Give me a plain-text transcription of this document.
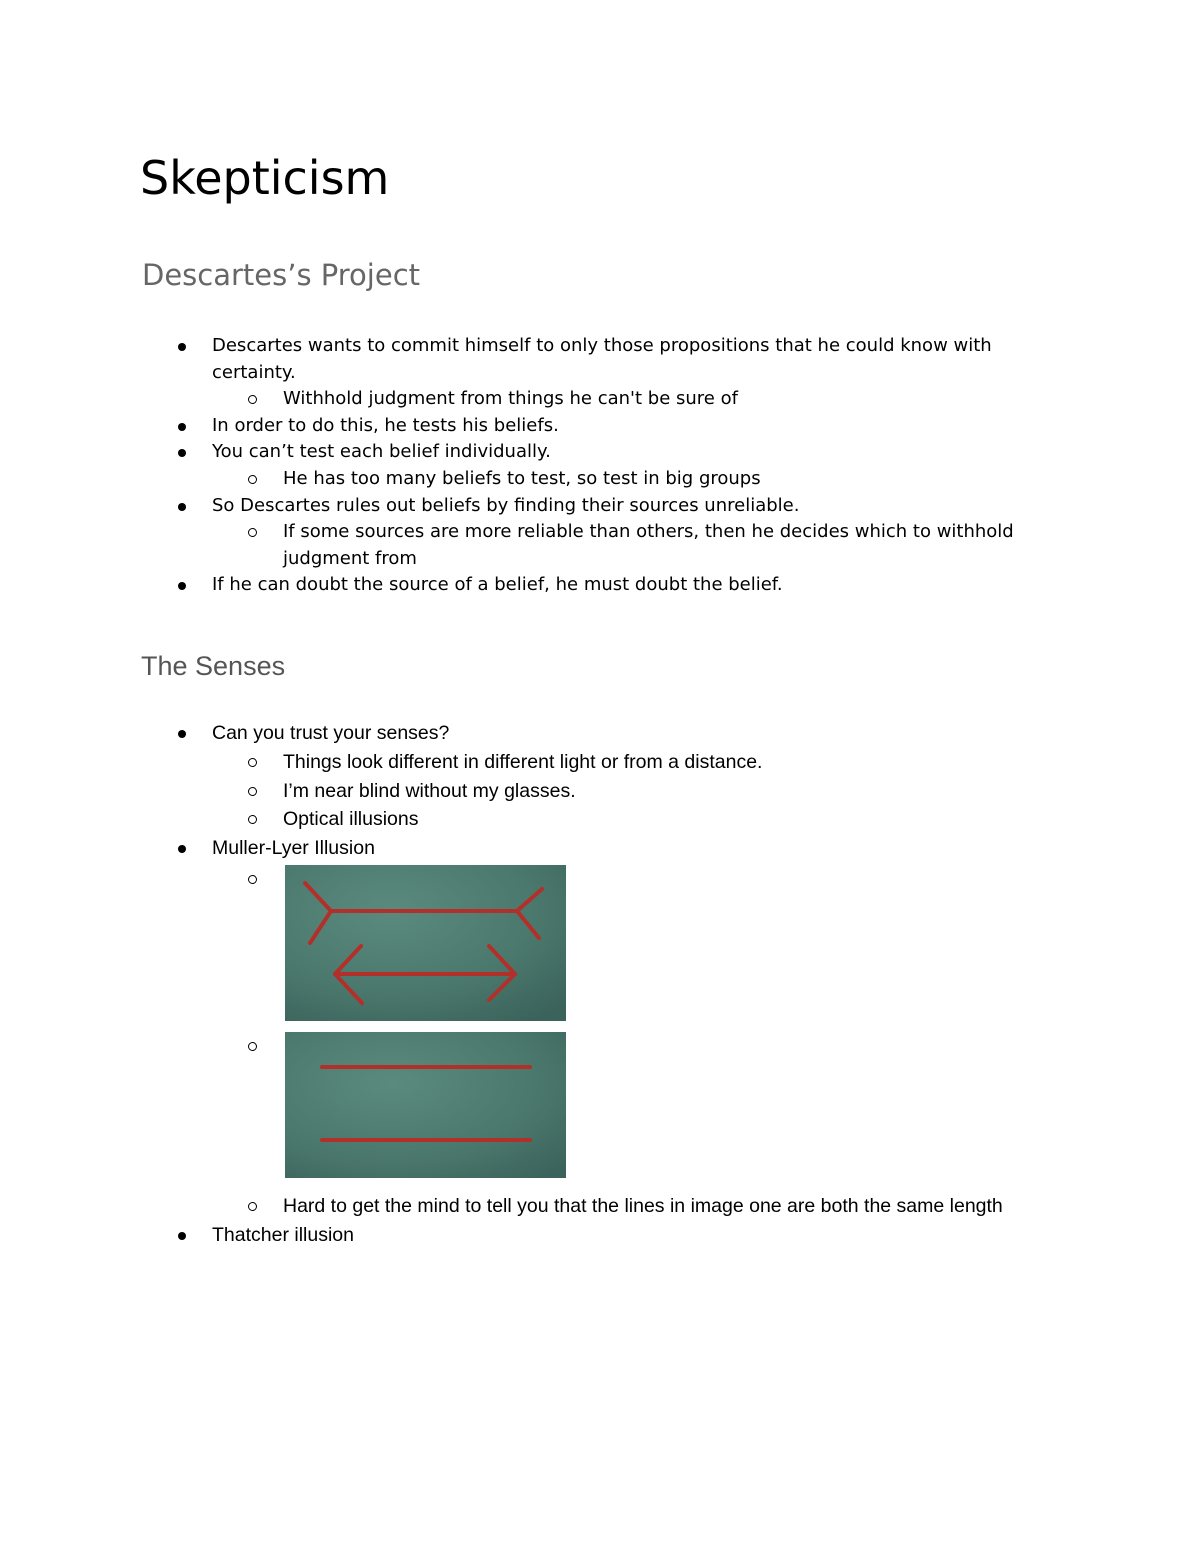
Skepticism
Descartes’s Project
Descartes wants to commit himself to only those propositions that he could know with certainty.
Withhold judgment from things he can't be sure of
In order to do this, he tests his beliefs.
You can’t test each belief individually.
He has too many beliefs to test, so test in big groups
So Descartes rules out beliefs by finding their sources unreliable.
If some sources are more reliable than others, then he decides which to withhold judgment from
If he can doubt the source of a belief, he must doubt the belief.
The Senses
Can you trust your senses?
Things look different in different light or from a distance.
I’m near blind without my glasses.
Optical illusions
Muller-Lyer Illusion
Hard to get the mind to tell you that the lines in image one are both the same length
Thatcher illusion
